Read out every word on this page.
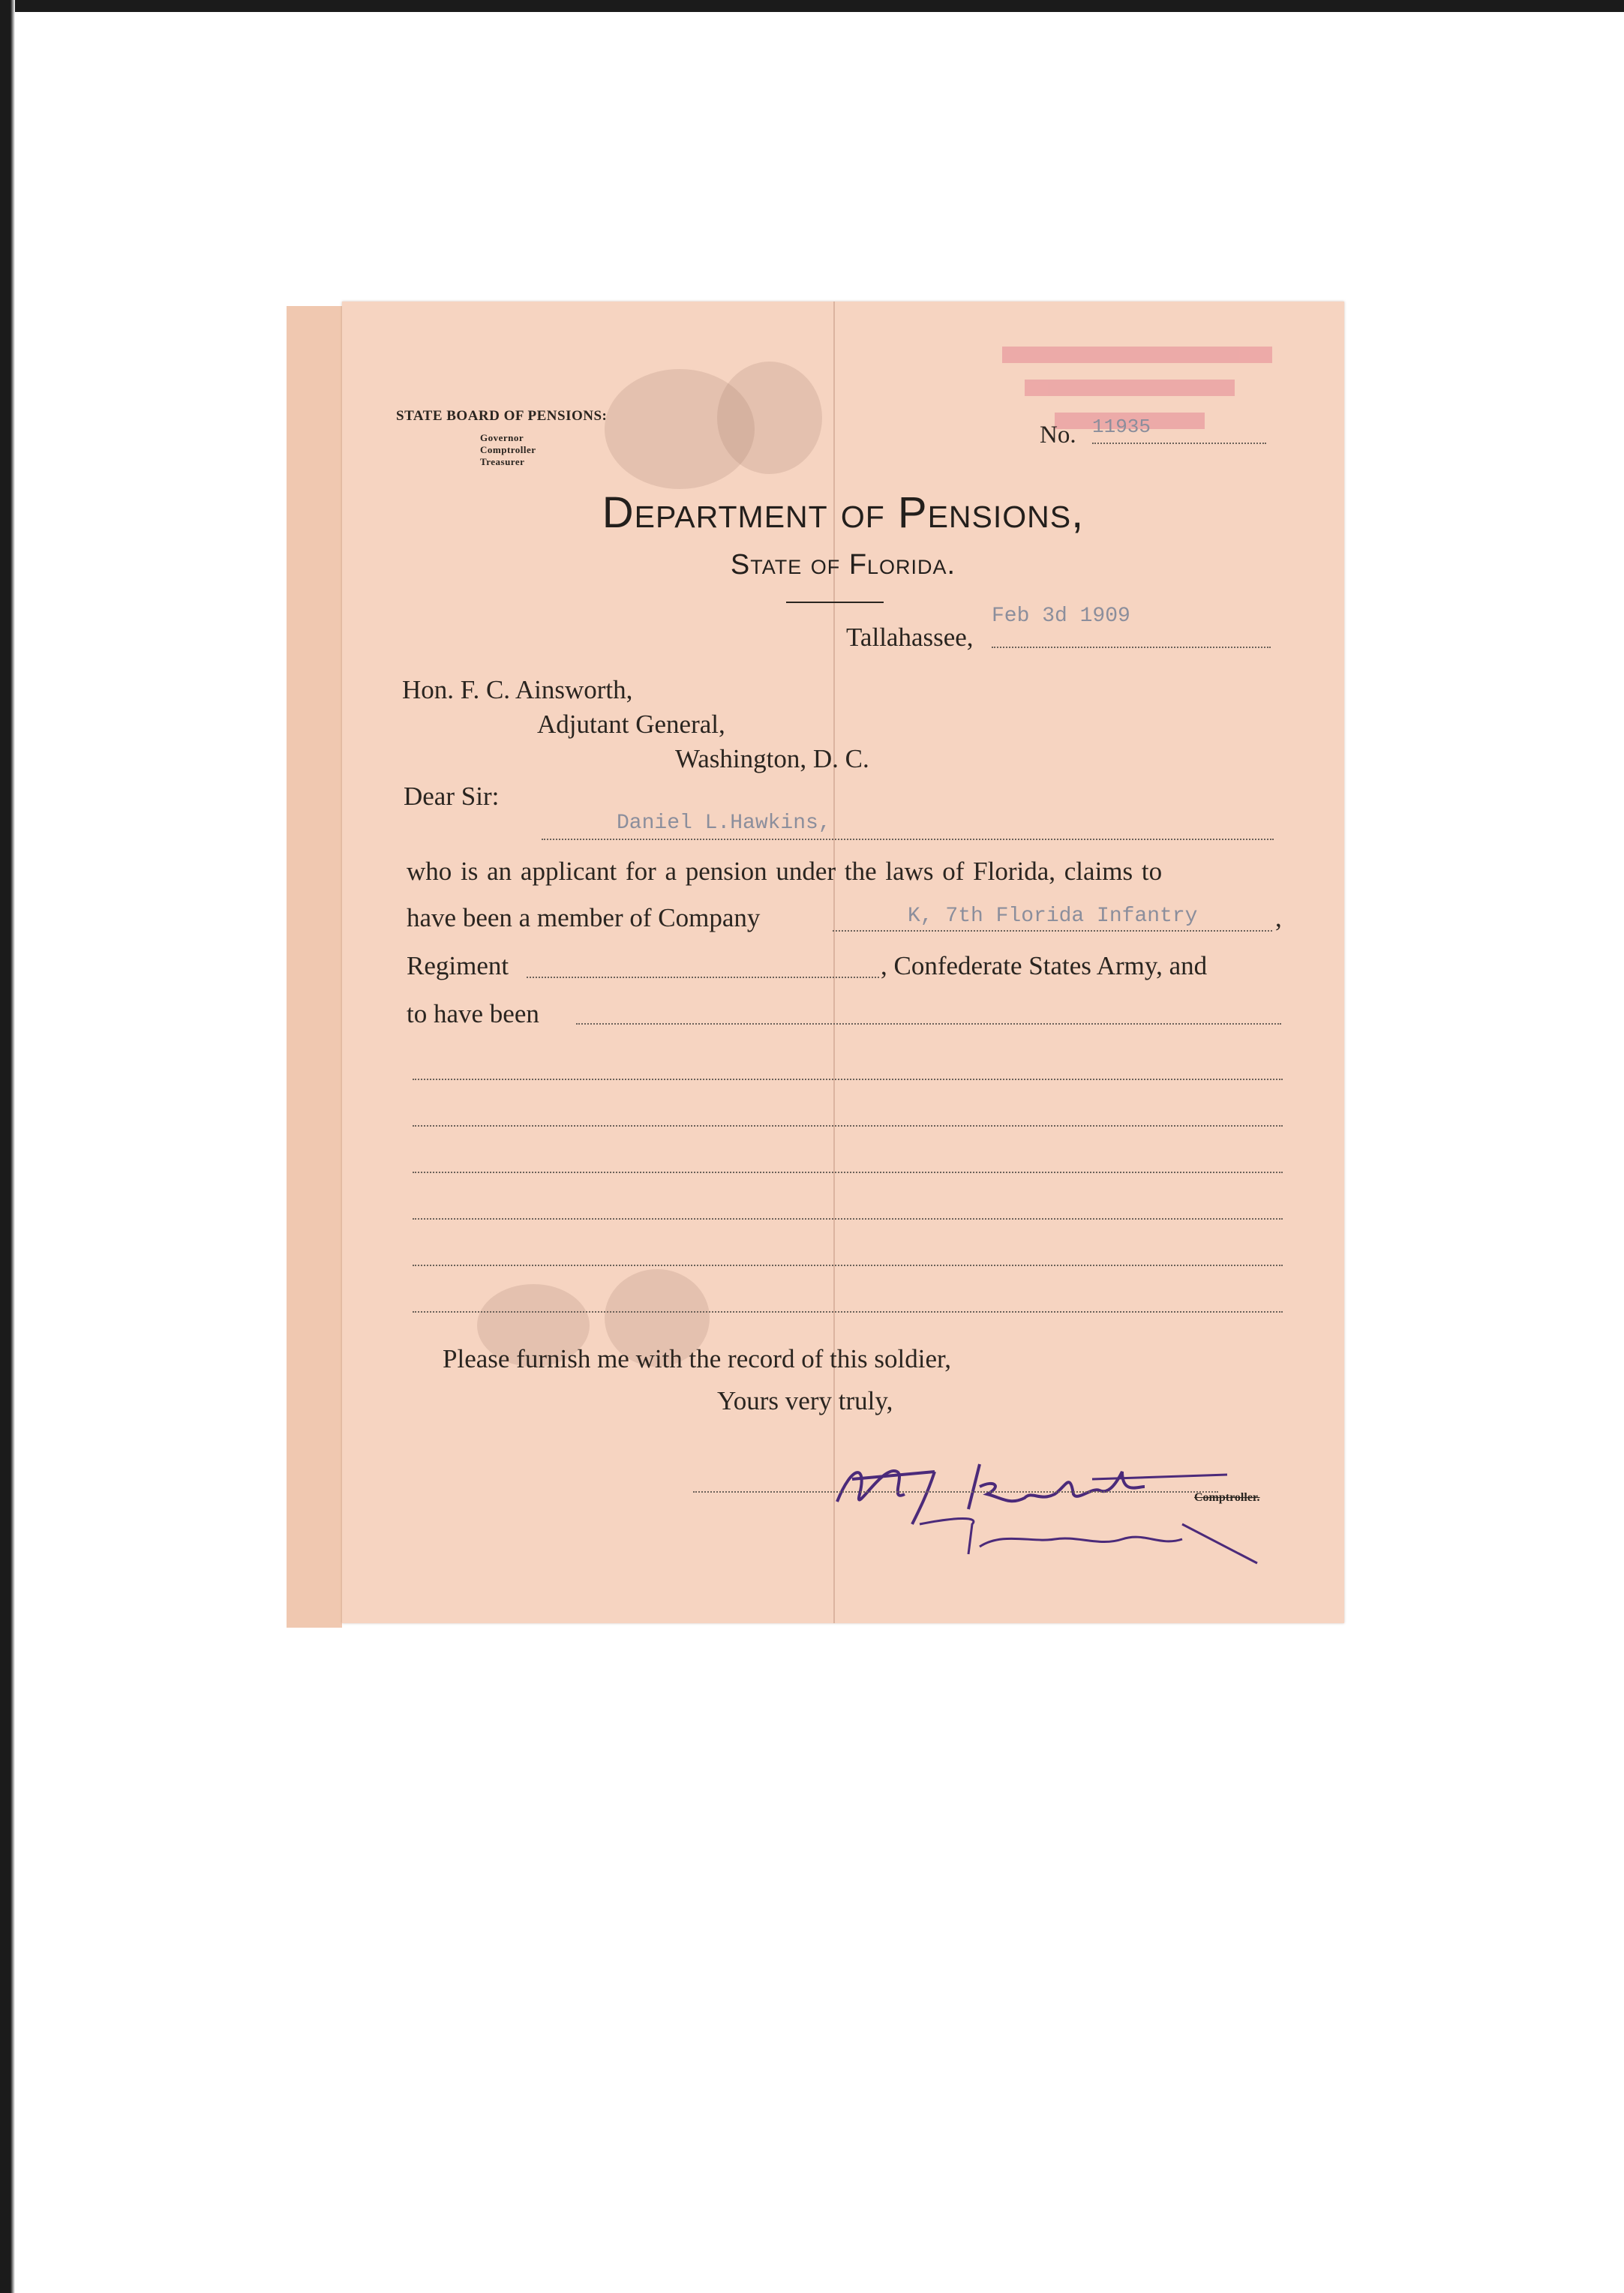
STATE BOARD OF PENSIONS:
Governor
Comptroller
Treasurer
No. 11935
Department of Pensions,
State of Florida.
Tallahassee,
Feb 3d 1909
Hon. F. C. Ainsworth,
Adjutant General,
Washington, D. C.
Dear Sir:
Daniel L.Hawkins,
who is an applicant for a pension under the laws of Florida, claims to
have been a member of Company	K, 7th Florida Infantry	,
Regiment	, Confederate States Army, and
to have been
Please furnish me with the record of this soldier,
Yours very truly,
Comptroller.
